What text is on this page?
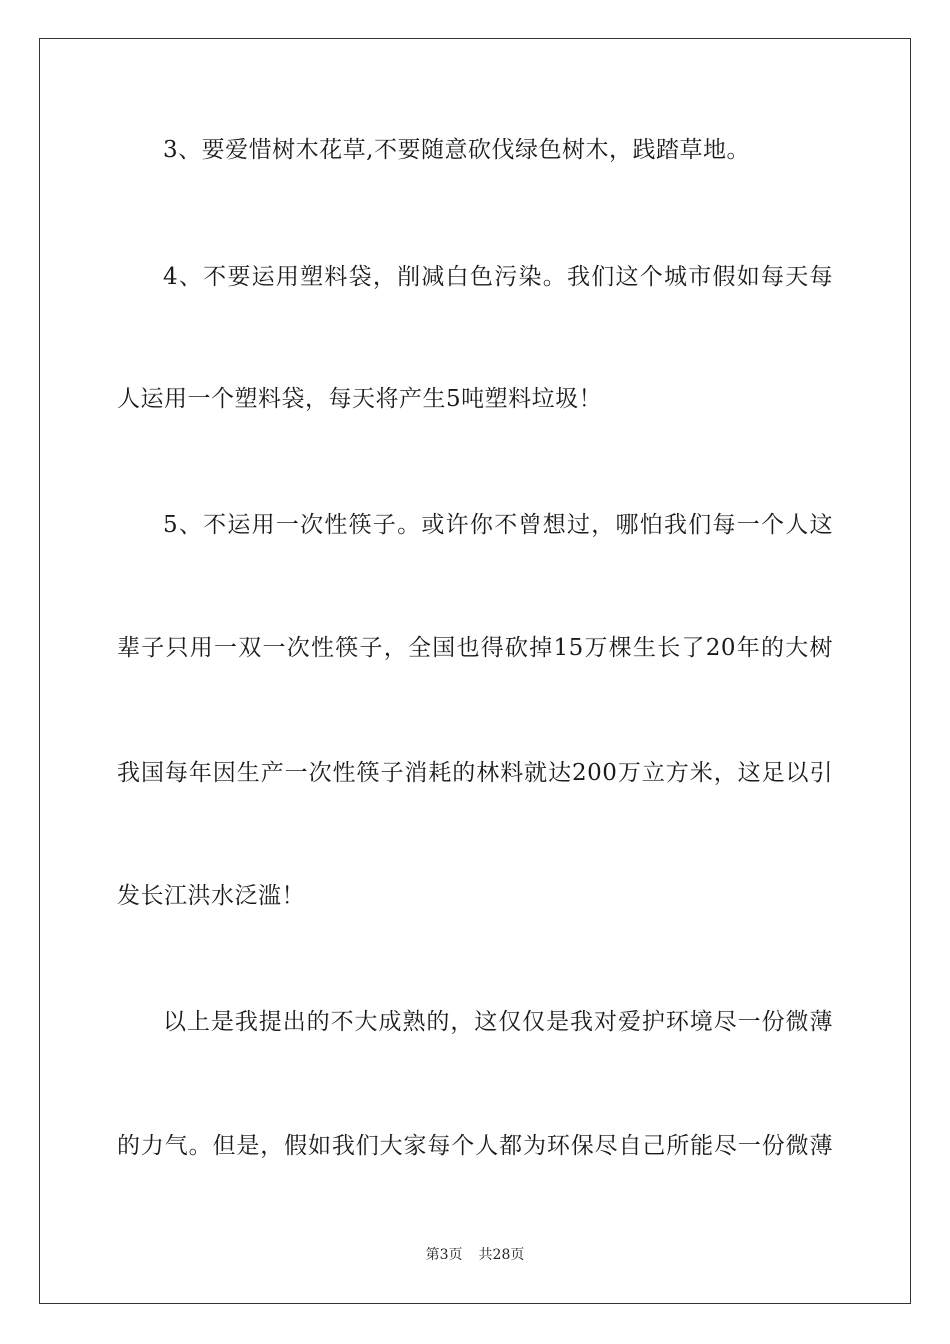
3、要爱惜树木花草,不要随意砍伐绿色树木，践踏草地。
4、不要运用塑料袋，削减白色污染。我们这个城市假如每天每
人运用一个塑料袋，每天将产生5吨塑料垃圾！
5、不运用一次性筷子。或许你不曾想过，哪怕我们每一个人这
辈子只用一双一次性筷子，全国也得砍掉15万棵生长了20年的大树
我国每年因生产一次性筷子消耗的林料就达200万立方米，这足以引
发长江洪水泛滥！
以上是我提出的不大成熟的，这仅仅是我对爱护环境尽一份微薄
的力气。但是，假如我们大家每个人都为环保尽自己所能尽一份微薄
第3页 共28页
